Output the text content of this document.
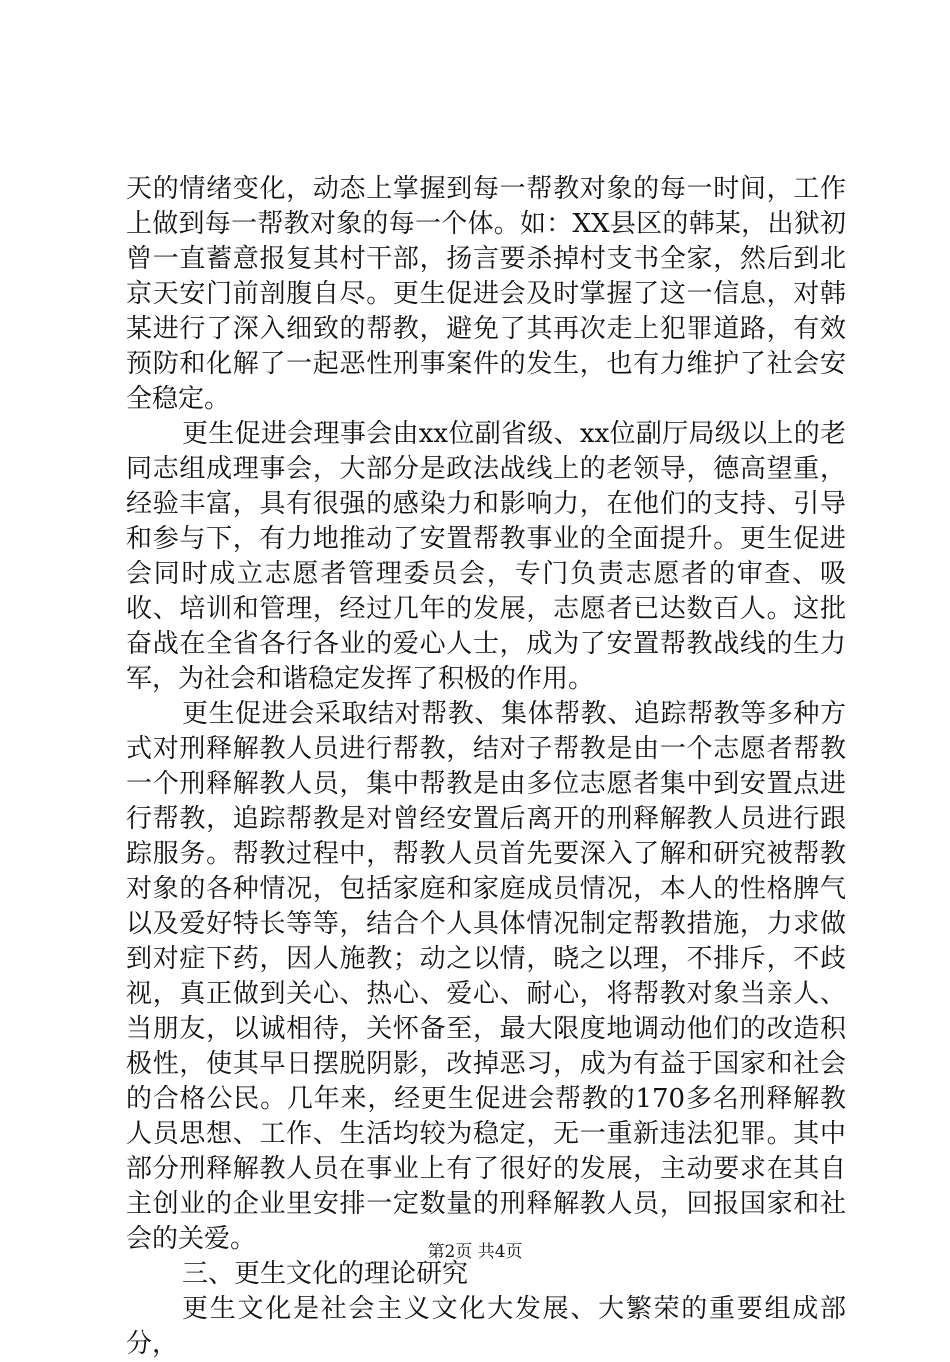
天的情绪变化，动态上掌握到每一帮教对象的每一时间，工作上做到每一帮教对象的每一个体。如：XX县区的韩某，出狱初曾一直蓄意报复其村干部，扬言要杀掉村支书全家，然后到北京天安门前剖腹自尽。更生促进会及时掌握了这一信息，对韩某进行了深入细致的帮教，避免了其再次走上犯罪道路，有效预防和化解了一起恶性刑事案件的发生，也有力维护了社会安全稳定。

更生促进会理事会由xx位副省级、xx位副厅局级以上的老同志组成理事会，大部分是政法战线上的老领导，德高望重，经验丰富，具有很强的感染力和影响力，在他们的支持、引导和参与下，有力地推动了安置帮教事业的全面提升。更生促进会同时成立志愿者管理委员会，专门负责志愿者的审查、吸收、培训和管理，经过几年的发展，志愿者已达数百人。这批奋战在全省各行各业的爱心人士，成为了安置帮教战线的生力军，为社会和谐稳定发挥了积极的作用。

更生促进会采取结对帮教、集体帮教、追踪帮教等多种方式对刑释解教人员进行帮教，结对子帮教是由一个志愿者帮教一个刑释解教人员，集中帮教是由多位志愿者集中到安置点进行帮教，追踪帮教是对曾经安置后离开的刑释解教人员进行跟踪服务。帮教过程中，帮教人员首先要深入了解和研究被帮教对象的各种情况，包括家庭和家庭成员情况，本人的性格脾气以及爱好特长等等，结合个人具体情况制定帮教措施，力求做到对症下药，因人施教；动之以情，晓之以理，不排斥，不歧视，真正做到关心、热心、爱心、耐心，将帮教对象当亲人、当朋友，以诚相待，关怀备至，最大限度地调动他们的改造积极性，使其早日摆脱阴影，改掉恶习，成为有益于国家和社会的合格公民。几年来，经更生促进会帮教的170多名刑释解教人员思想、工作、生活均较为稳定，无一重新违法犯罪。其中部分刑释解教人员在事业上有了很好的发展，主动要求在其自主创业的企业里安排一定数量的刑释解教人员，回报国家和社会的关爱。

三、更生文化的理论研究

更生文化是社会主义文化大发展、大繁荣的重要组成部分，

第2页 共4页
